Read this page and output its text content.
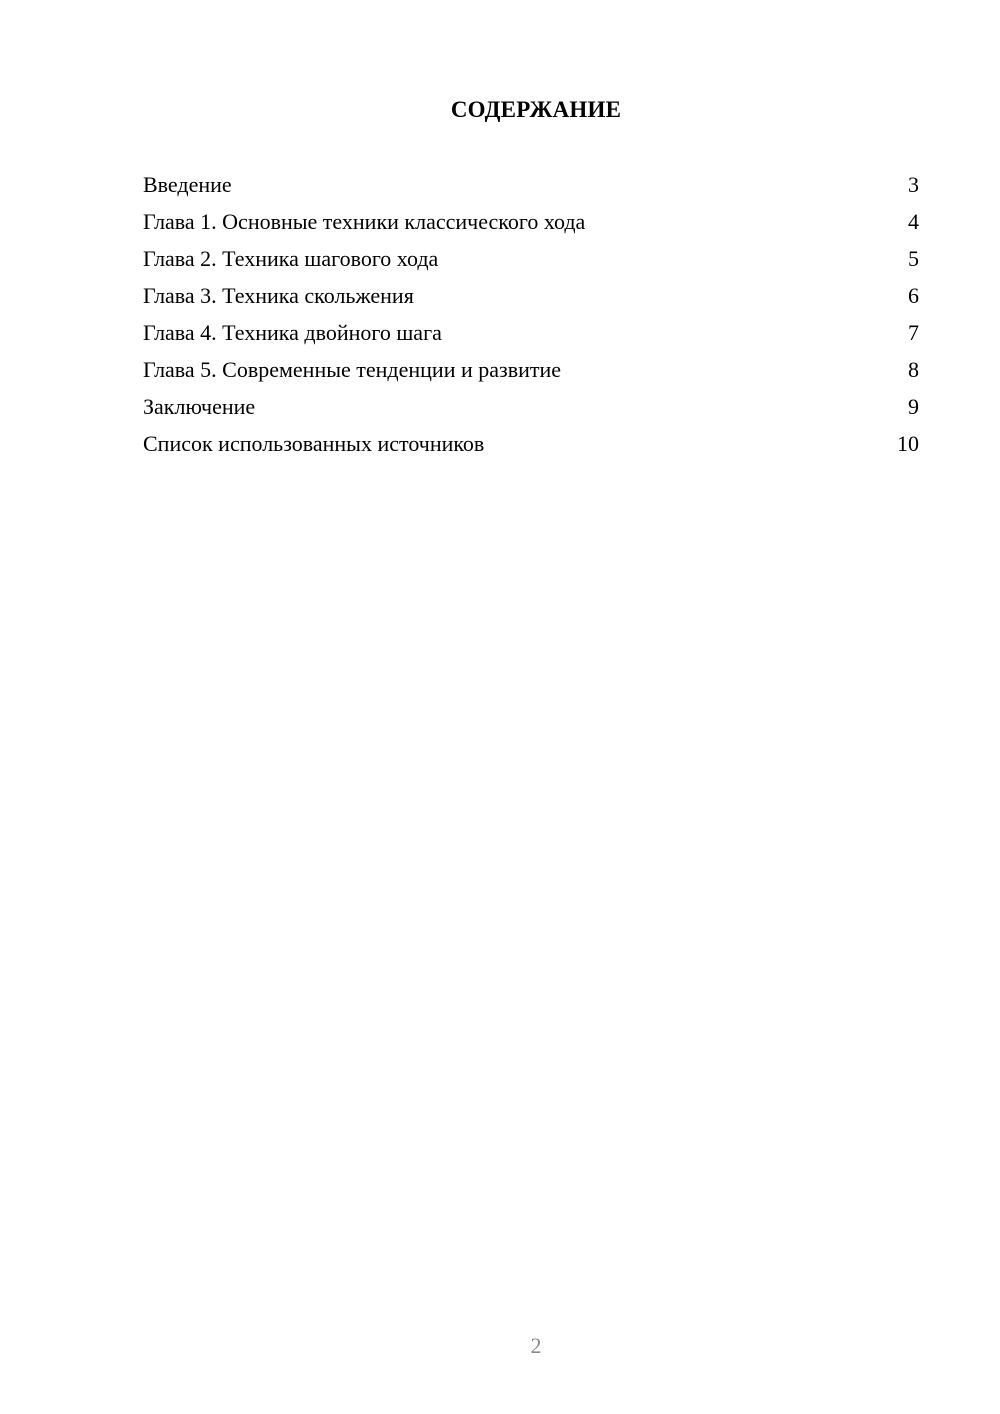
СОДЕРЖАНИЕ
Введение	3
Глава 1. Основные техники классического хода	4
Глава 2. Техника шагового хода	5
Глава 3. Техника скольжения	6
Глава 4. Техника двойного шага	7
Глава 5. Современные тенденции и развитие	8
Заключение	9
Список использованных источников	10
2
